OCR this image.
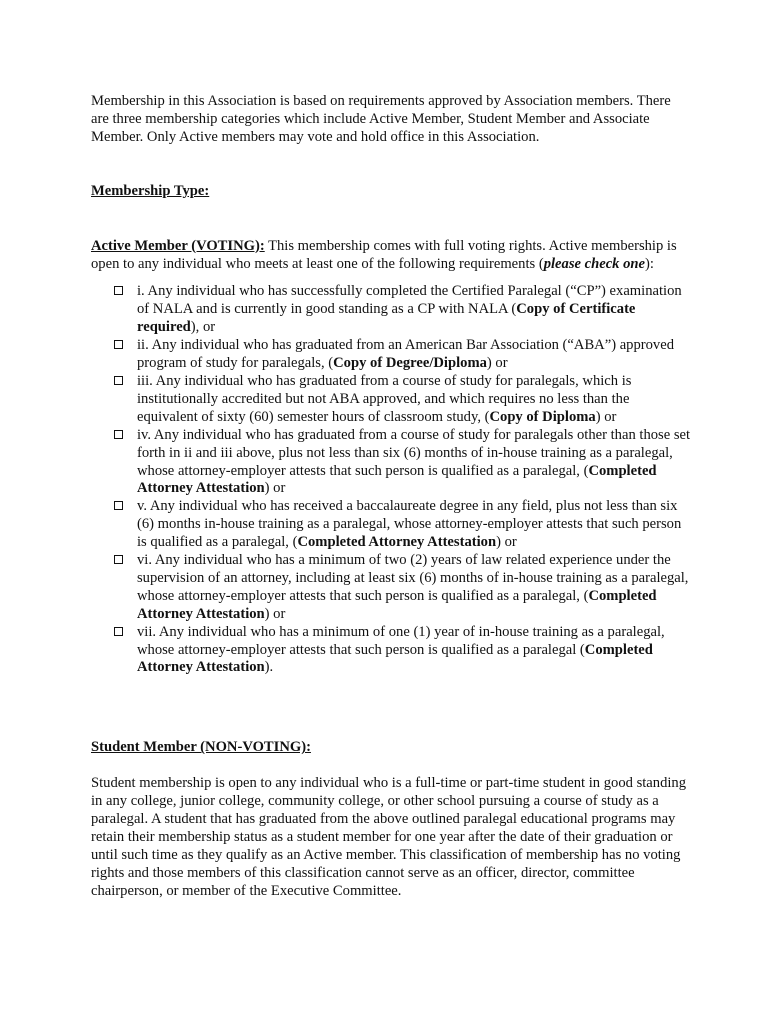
Membership in this Association is based on requirements approved by Association members. There are three membership categories which include Active Member, Student Member and Associate Member. Only Active members may vote and hold office in this Association.

Membership Type:

Active Member (VOTING): This membership comes with full voting rights. Active membership is open to any individual who meets at least one of the following requirements (please check one):

i. Any individual who has successfully completed the Certified Paralegal (“CP”) examination of NALA and is currently in good standing as a CP with NALA (Copy of Certificate required), or
ii. Any individual who has graduated from an American Bar Association (“ABA”) approved program of study for paralegals, (Copy of Degree/Diploma) or
iii. Any individual who has graduated from a course of study for paralegals, which is institutionally accredited but not ABA approved, and which requires no less than the equivalent of sixty (60) semester hours of classroom study, (Copy of Diploma) or
iv. Any individual who has graduated from a course of study for paralegals other than those set forth in ii and iii above, plus not less than six (6) months of in-house training as a paralegal, whose attorney-employer attests that such person is qualified as a paralegal, (Completed Attorney Attestation) or
v. Any individual who has received a baccalaureate degree in any field, plus not less than six (6) months in-house training as a paralegal, whose attorney-employer attests that such person is qualified as a paralegal, (Completed Attorney Attestation) or
vi. Any individual who has a minimum of two (2) years of law related experience under the supervision of an attorney, including at least six (6) months of in-house training as a paralegal, whose attorney-employer attests that such person is qualified as a paralegal, (Completed Attorney Attestation) or
vii. Any individual who has a minimum of one (1) year of in-house training as a paralegal, whose attorney-employer attests that such person is qualified as a paralegal (Completed Attorney Attestation).

Student Member (NON-VOTING):

Student membership is open to any individual who is a full-time or part-time student in good standing in any college, junior college, community college, or other school pursuing a course of study as a paralegal. A student that has graduated from the above outlined paralegal educational programs may retain their membership status as a student member for one year after the date of their graduation or until such time as they qualify as an Active member. This classification of membership has no voting rights and those members of this classification cannot serve as an officer, director, committee chairperson, or member of the Executive Committee.
